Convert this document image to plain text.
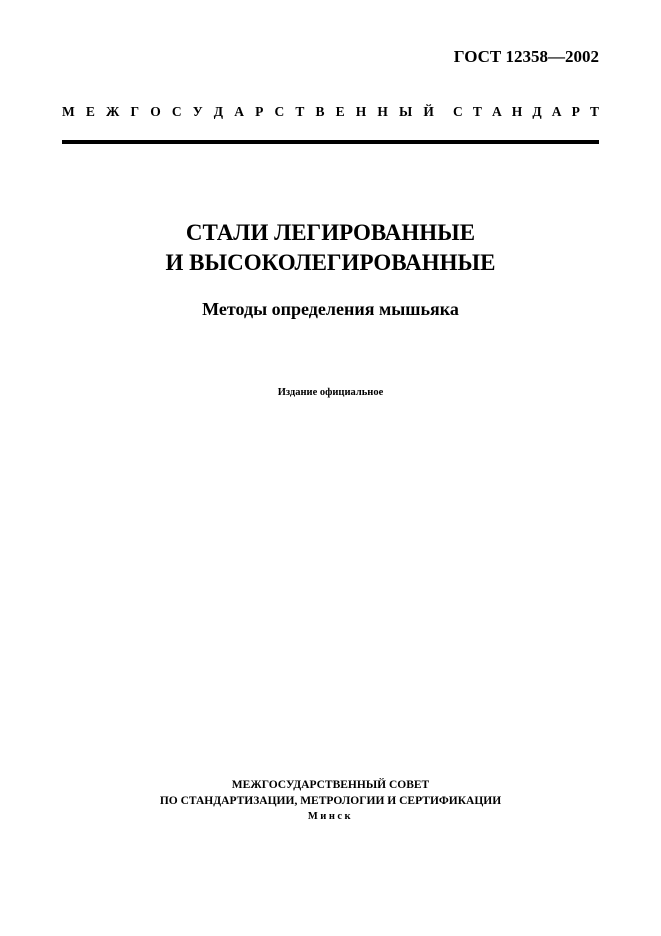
ГОСТ 12358—2002
М Е Ж Г О С У Д А Р С Т В Е Н Н Ы Й С Т А Н Д А Р Т
СТАЛИ ЛЕГИРОВАННЫЕ
И ВЫСОКОЛЕГИРОВАННЫЕ
Методы определения мышьяка
Издание официальное
МЕЖГОСУДАРСТВЕННЫЙ СОВЕТ
ПО СТАНДАРТИЗАЦИИ, МЕТРОЛОГИИ И СЕРТИФИКАЦИИ
Минск
